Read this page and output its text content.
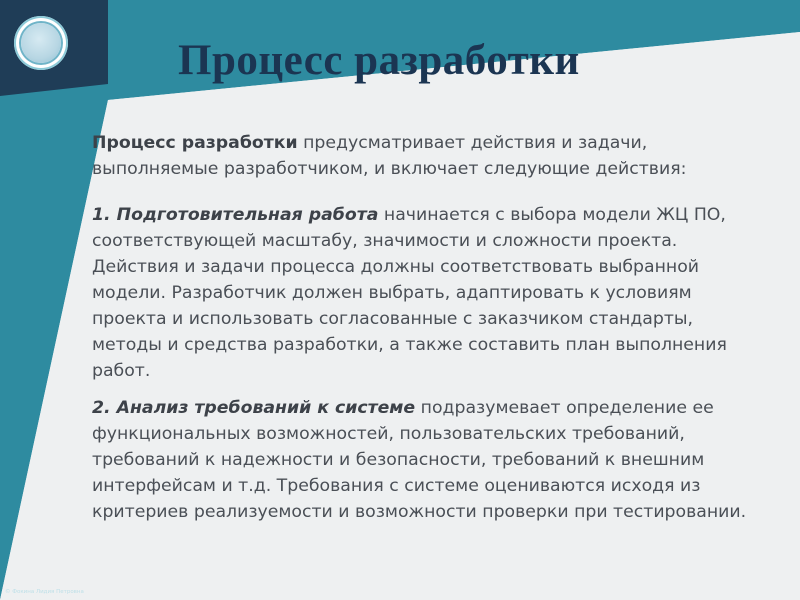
Процесс разработки

Процесс разработки предусматривает действия и задачи, выполняемые разработчиком, и включает следующие действия:

1. Подготовительная работа начинается с выбора модели ЖЦ ПО, соответствующей масштабу, значимости и сложности проекта. Действия и задачи процесса должны соответствовать выбранной модели. Разработчик должен выбрать, адаптировать к условиям проекта и использовать согласованные с заказчиком стандарты, методы и средства разработки, а также составить план выполнения работ.

2. Анализ требований к системе подразумевает определение ее функциональных возможностей, пользовательских требований, требований к надежности и безопасности, требований к внешним интерфейсам и т.д. Требования с системе оцениваются исходя из критериев реализуемости и возможности проверки при тестировании.

© Фокина Лидия Петровна
